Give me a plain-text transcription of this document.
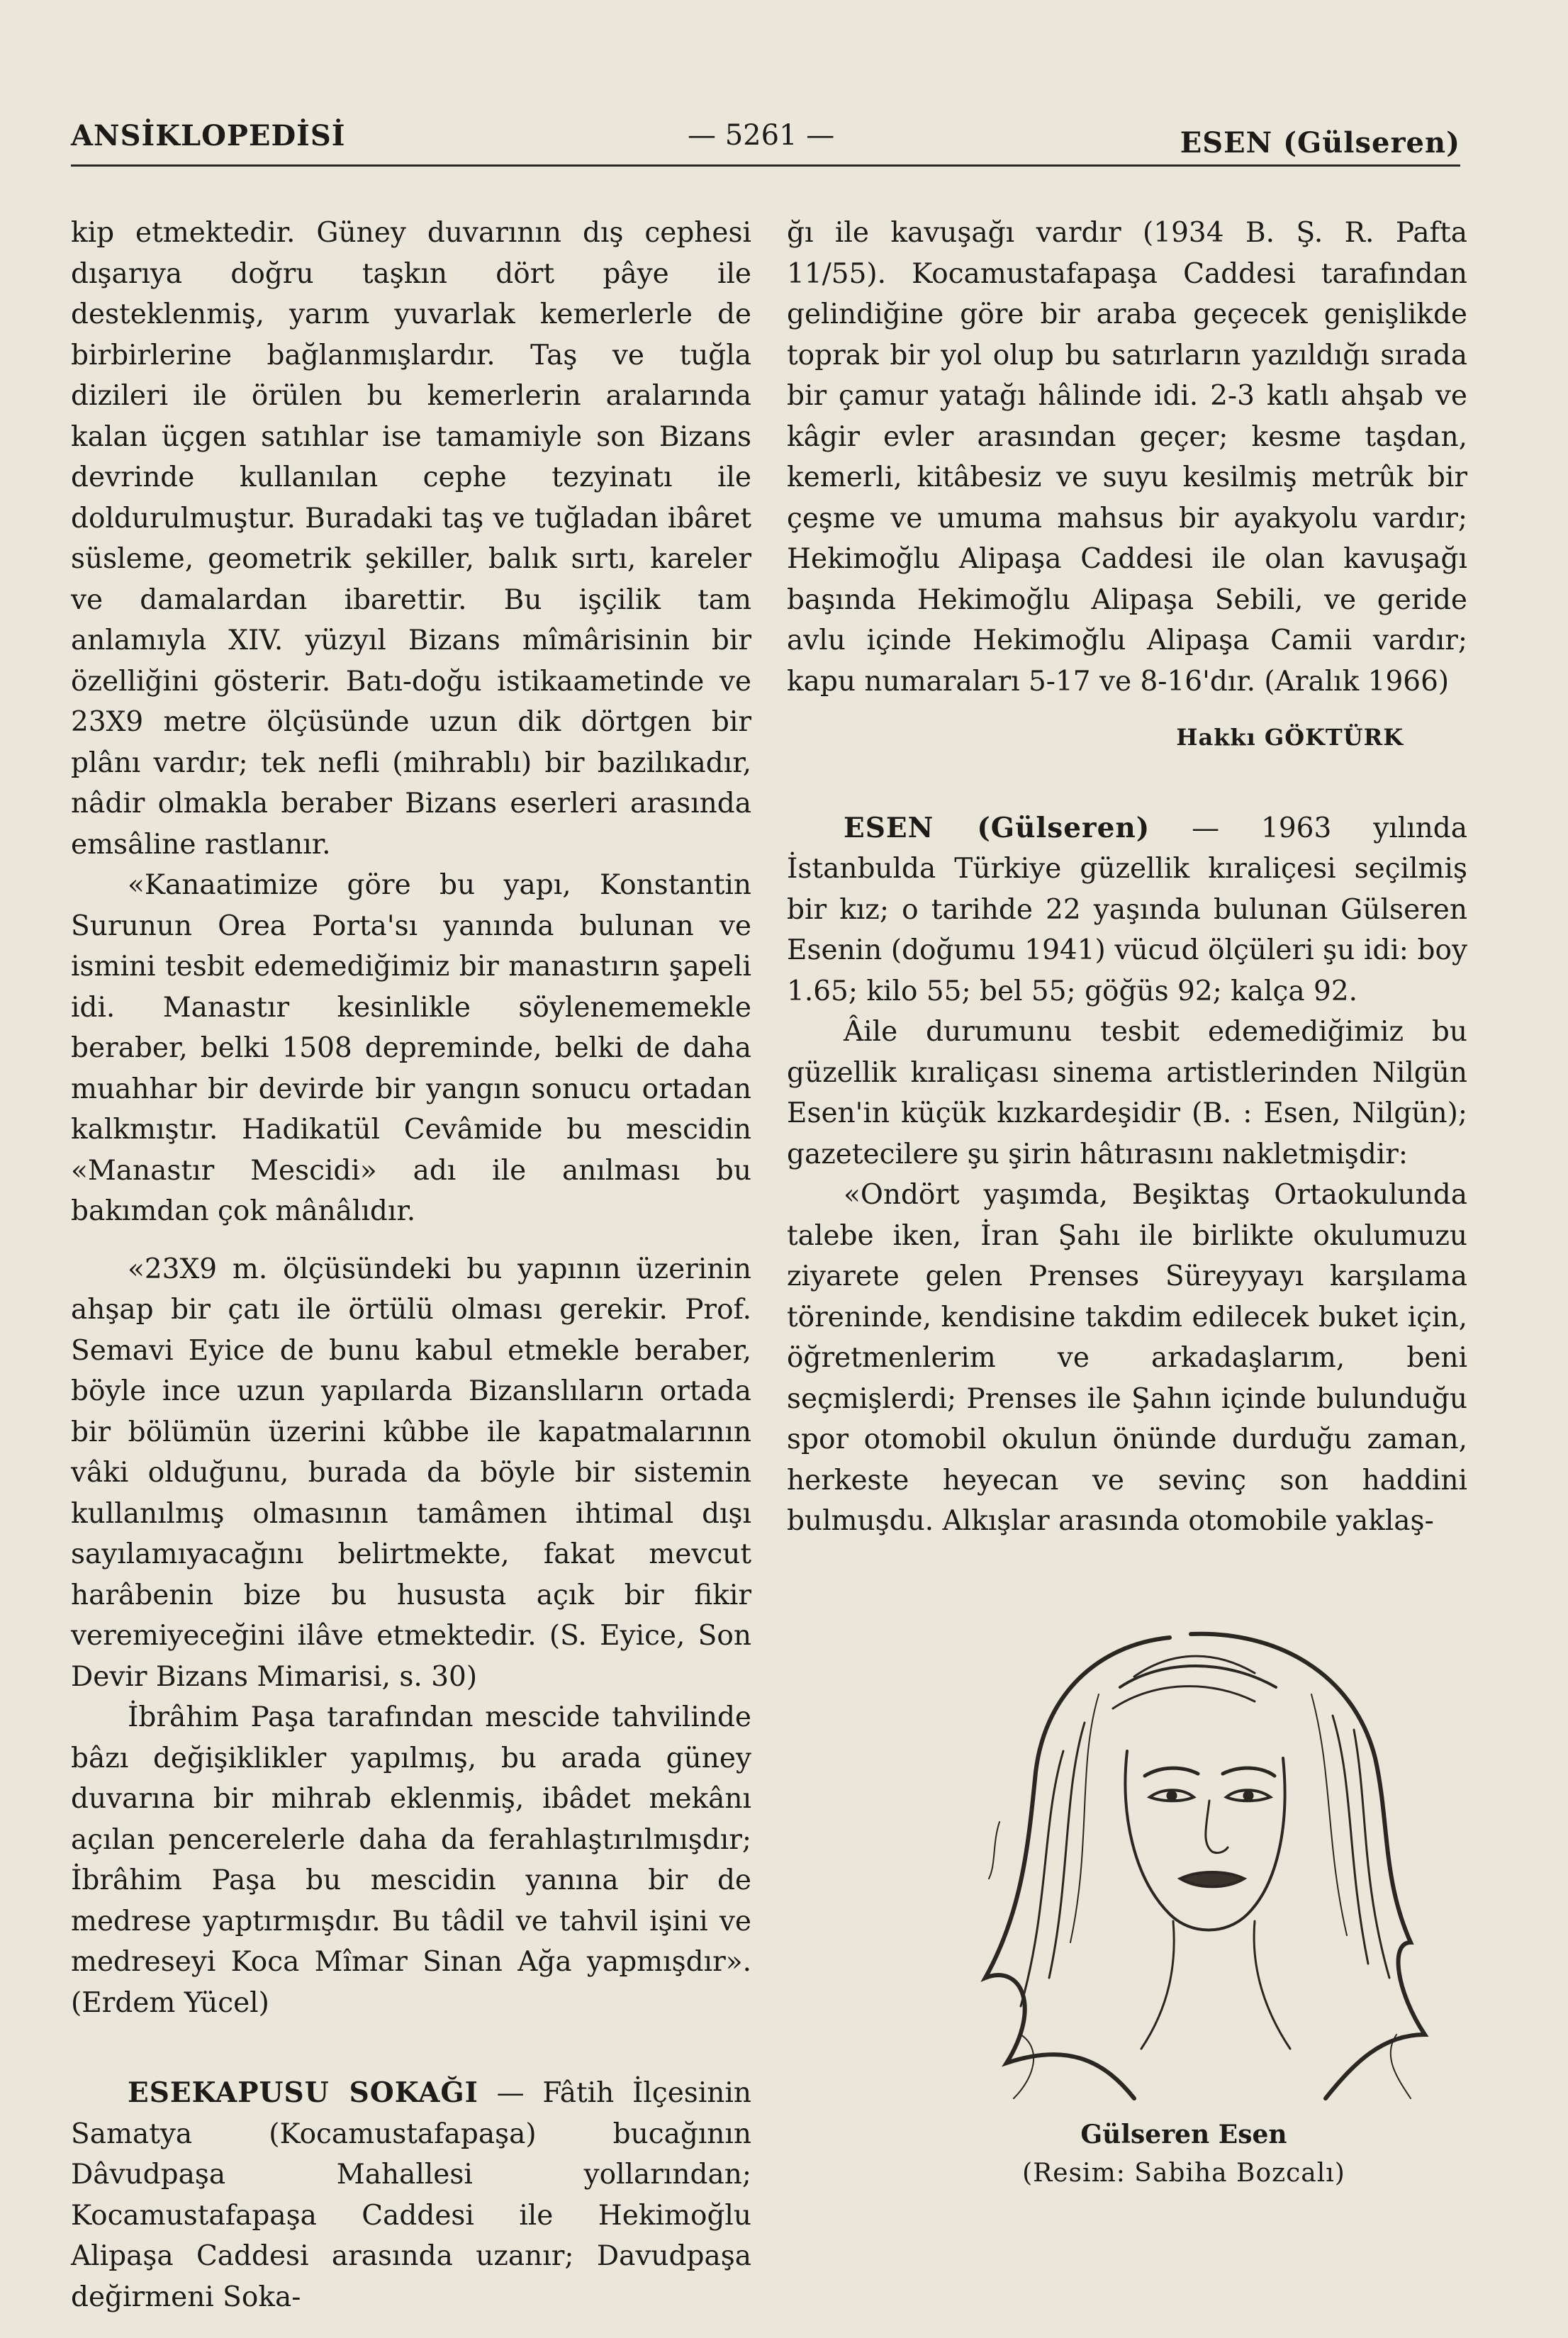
ANSİKLOPEDİSİ	— 5261 —	ESEN (Gülseren)

kip etmektedir. Güney duvarının dış cephesi dışarıya doğru taşkın dört pâye ile desteklenmiş, yarım yuvarlak kemerlerle de birbirlerine bağlanmışlardır. Taş ve tuğla dizileri ile örülen bu kemerlerin aralarında kalan üçgen satıhlar ise tamamiyle son Bizans devrinde kullanılan cephe tezyinatı ile doldurulmuştur. Buradaki taş ve tuğladan ibâret süsleme, geometrik şekiller, balık sırtı, kareler ve damalardan ibarettir. Bu işçilik tam anlamıyla XIV. yüzyıl Bizans mîmârisinin bir özelliğini gösterir. Batı-doğu istikaametinde ve 23X9 metre ölçüsünde uzun dik dörtgen bir plânı vardır; tek nefli (mihrablı) bir bazilıkadır, nâdir olmakla beraber Bizans eserleri arasında emsâline rastlanır.

«Kanaatimize göre bu yapı, Konstantin Surunun Orea Porta'sı yanında bulunan ve ismini tesbit edemediğimiz bir manastırın şapeli idi. Manastır kesinlikle söylenememekle beraber, belki 1508 depreminde, belki de daha muahhar bir devirde bir yangın sonucu ortadan kalkmıştır. Hadikatül Cevâmide bu mescidin «Manastır Mescidi» adı ile anılması bu bakımdan çok mânâlıdır.

«23X9 m. ölçüsündeki bu yapının üzerinin ahşap bir çatı ile örtülü olması gerekir. Prof. Semavi Eyice de bunu kabul etmekle beraber, böyle ince uzun yapılarda Bizanslıların ortada bir bölümün üzerini kûbbe ile kapatmalarının vâki olduğunu, burada da böyle bir sistemin kullanılmış olmasının tamâmen ihtimal dışı sayılamıyacağını belirtmekte, fakat mevcut harâbenin bize bu hususta açık bir fikir veremiyeceğini ilâve etmektedir. (S. Eyice, Son Devir Bizans Mimarisi, s. 30)

İbrâhim Paşa tarafından mescide tahvilinde bâzı değişiklikler yapılmış, bu arada güney duvarına bir mihrab eklenmiş, ibâdet mekânı açılan pencerelerle daha da ferahlaştırılmışdır; İbrâhim Paşa bu mescidin yanına bir de medrese yaptırmışdır. Bu tâdil ve tahvil işini ve medreseyi Koca Mîmar Sinan Ağa yapmışdır». (Erdem Yücel)

ESEKAPUSU SOKAĞI — Fâtih İlçesinin Samatya (Kocamustafapaşa) bucağının Dâvudpaşa Mahallesi yollarından; Kocamustafapaşa Caddesi ile Hekimoğlu Alipaşa Caddesi arasında uzanır; Davudpaşa değirmeni Soka-

ğı ile kavuşağı vardır (1934 B. Ş. R. Pafta 11/55). Kocamustafapaşa Caddesi tarafından gelindiğine göre bir araba geçecek genişlikde toprak bir yol olup bu satırların yazıldığı sırada bir çamur yatağı hâlinde idi. 2-3 katlı ahşab ve kâgir evler arasından geçer; kesme taşdan, kemerli, kitâbesiz ve suyu kesilmiş metrûk bir çeşme ve umuma mahsus bir ayakyolu vardır; Hekimoğlu Alipaşa Caddesi ile olan kavuşağı başında Hekimoğlu Alipaşa Sebili, ve geride avlu içinde Hekimoğlu Alipaşa Camii vardır; kapu numaraları 5-17 ve 8-16'dır. (Aralık 1966)

Hakkı GÖKTÜRK

ESEN (Gülseren) — 1963 yılında İstanbulda Türkiye güzellik kıraliçesi seçilmiş bir kız; o tarihde 22 yaşında bulunan Gülseren Esenin (doğumu 1941) vücud ölçüleri şu idi: boy 1.65; kilo 55; bel 55; göğüs 92; kalça 92.

Âile durumunu tesbit edemediğimiz bu güzellik kıraliçası sinema artistlerinden Nilgün Esen'in küçük kızkardeşidir (B. : Esen, Nilgün); gazetecilere şu şirin hâtırasını nakletmişdir:

«Ondört yaşımda, Beşiktaş Ortaokulunda talebe iken, İran Şahı ile birlikte okulumuzu ziyarete gelen Prenses Süreyyayı karşılama töreninde, kendisine takdim edilecek buket için, öğretmenlerim ve arkadaşlarım, beni seçmişlerdi; Prenses ile Şahın içinde bulunduğu spor otomobil okulun önünde durduğu zaman, herkeste heyecan ve sevinç son haddini bulmuşdu. Alkışlar arasında otomobile yaklaş-

Gülseren Esen
(Resim: Sabiha Bozcalı)
